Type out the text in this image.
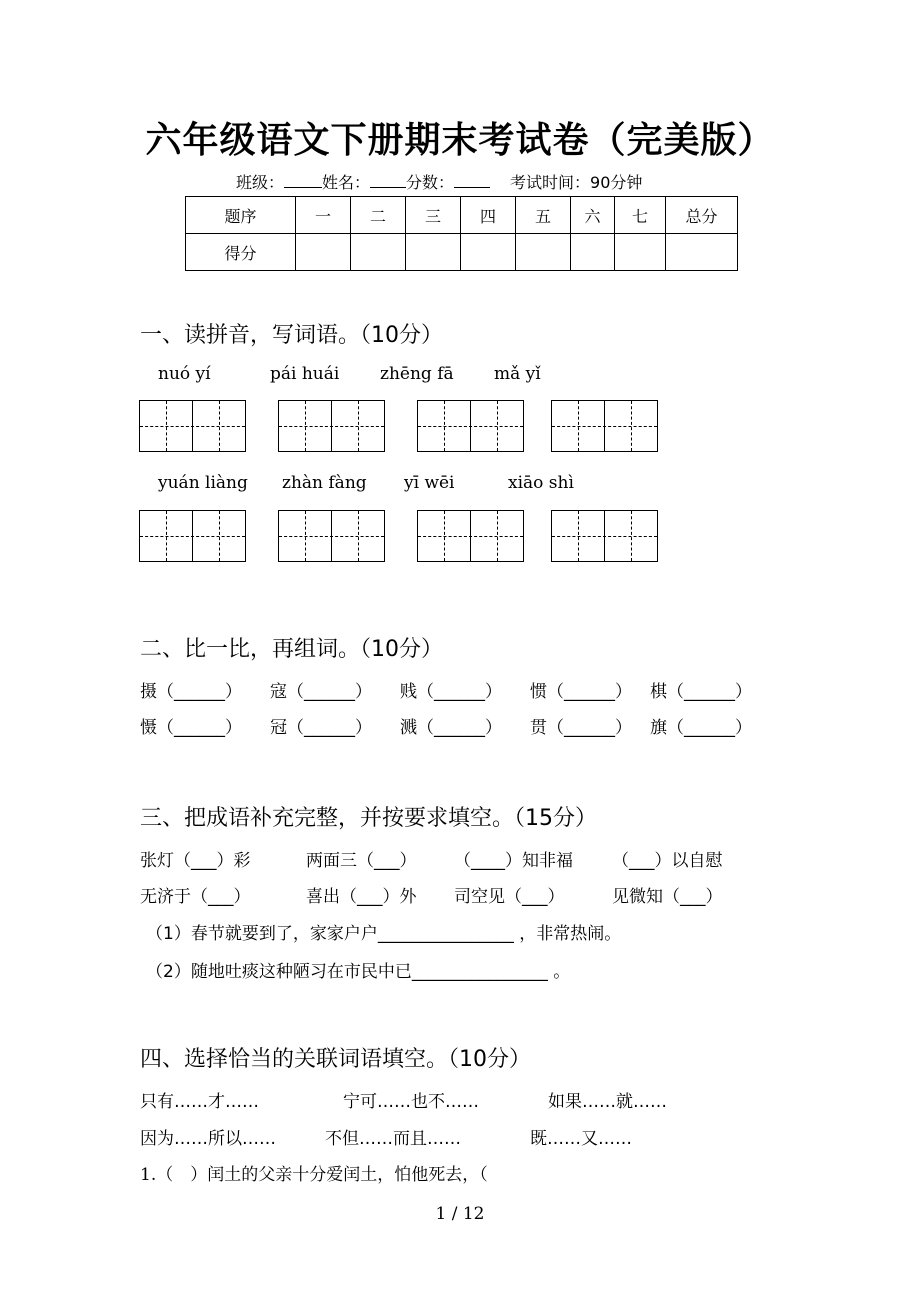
六年级语文下册期末考试卷（完美版）
班级： 姓名： 分数：	考试时间：90分钟
题序	一	二	三	四	五	六	七	总分
得分								
一、读拼音，写词语。（10分）
nuó yí	pái huái zhēng fā mǎ yǐ
yuán liàng zhàn fàng yī wēi	xiāo shì
二、比一比，再组词。（10分）
摄（______） 寇（______） 贱（______） 惯（______） 棋（______）
慑（______） 冠（______） 溅（______） 贯（______） 旗（______）
三、把成语补充完整，并按要求填空。（15分）
张灯（___）彩	两面三（___） （____）知非福 （___）以自慰
无济于（___）	喜出（___）外 司空见（___）	见微知（___）
（1）春节就要到了，家家户户________________ ，非常热闹。
（2）随地吐痰这种陋习在市民中已________________ 。
四、选择恰当的关联词语填空。（10分）
只有……才……	宁可……也不……	如果……就……
因为……所以……	不但……而且……	既……又……
1.（　）闰土的父亲十分爱闰土，怕他死去，（
1 / 12
